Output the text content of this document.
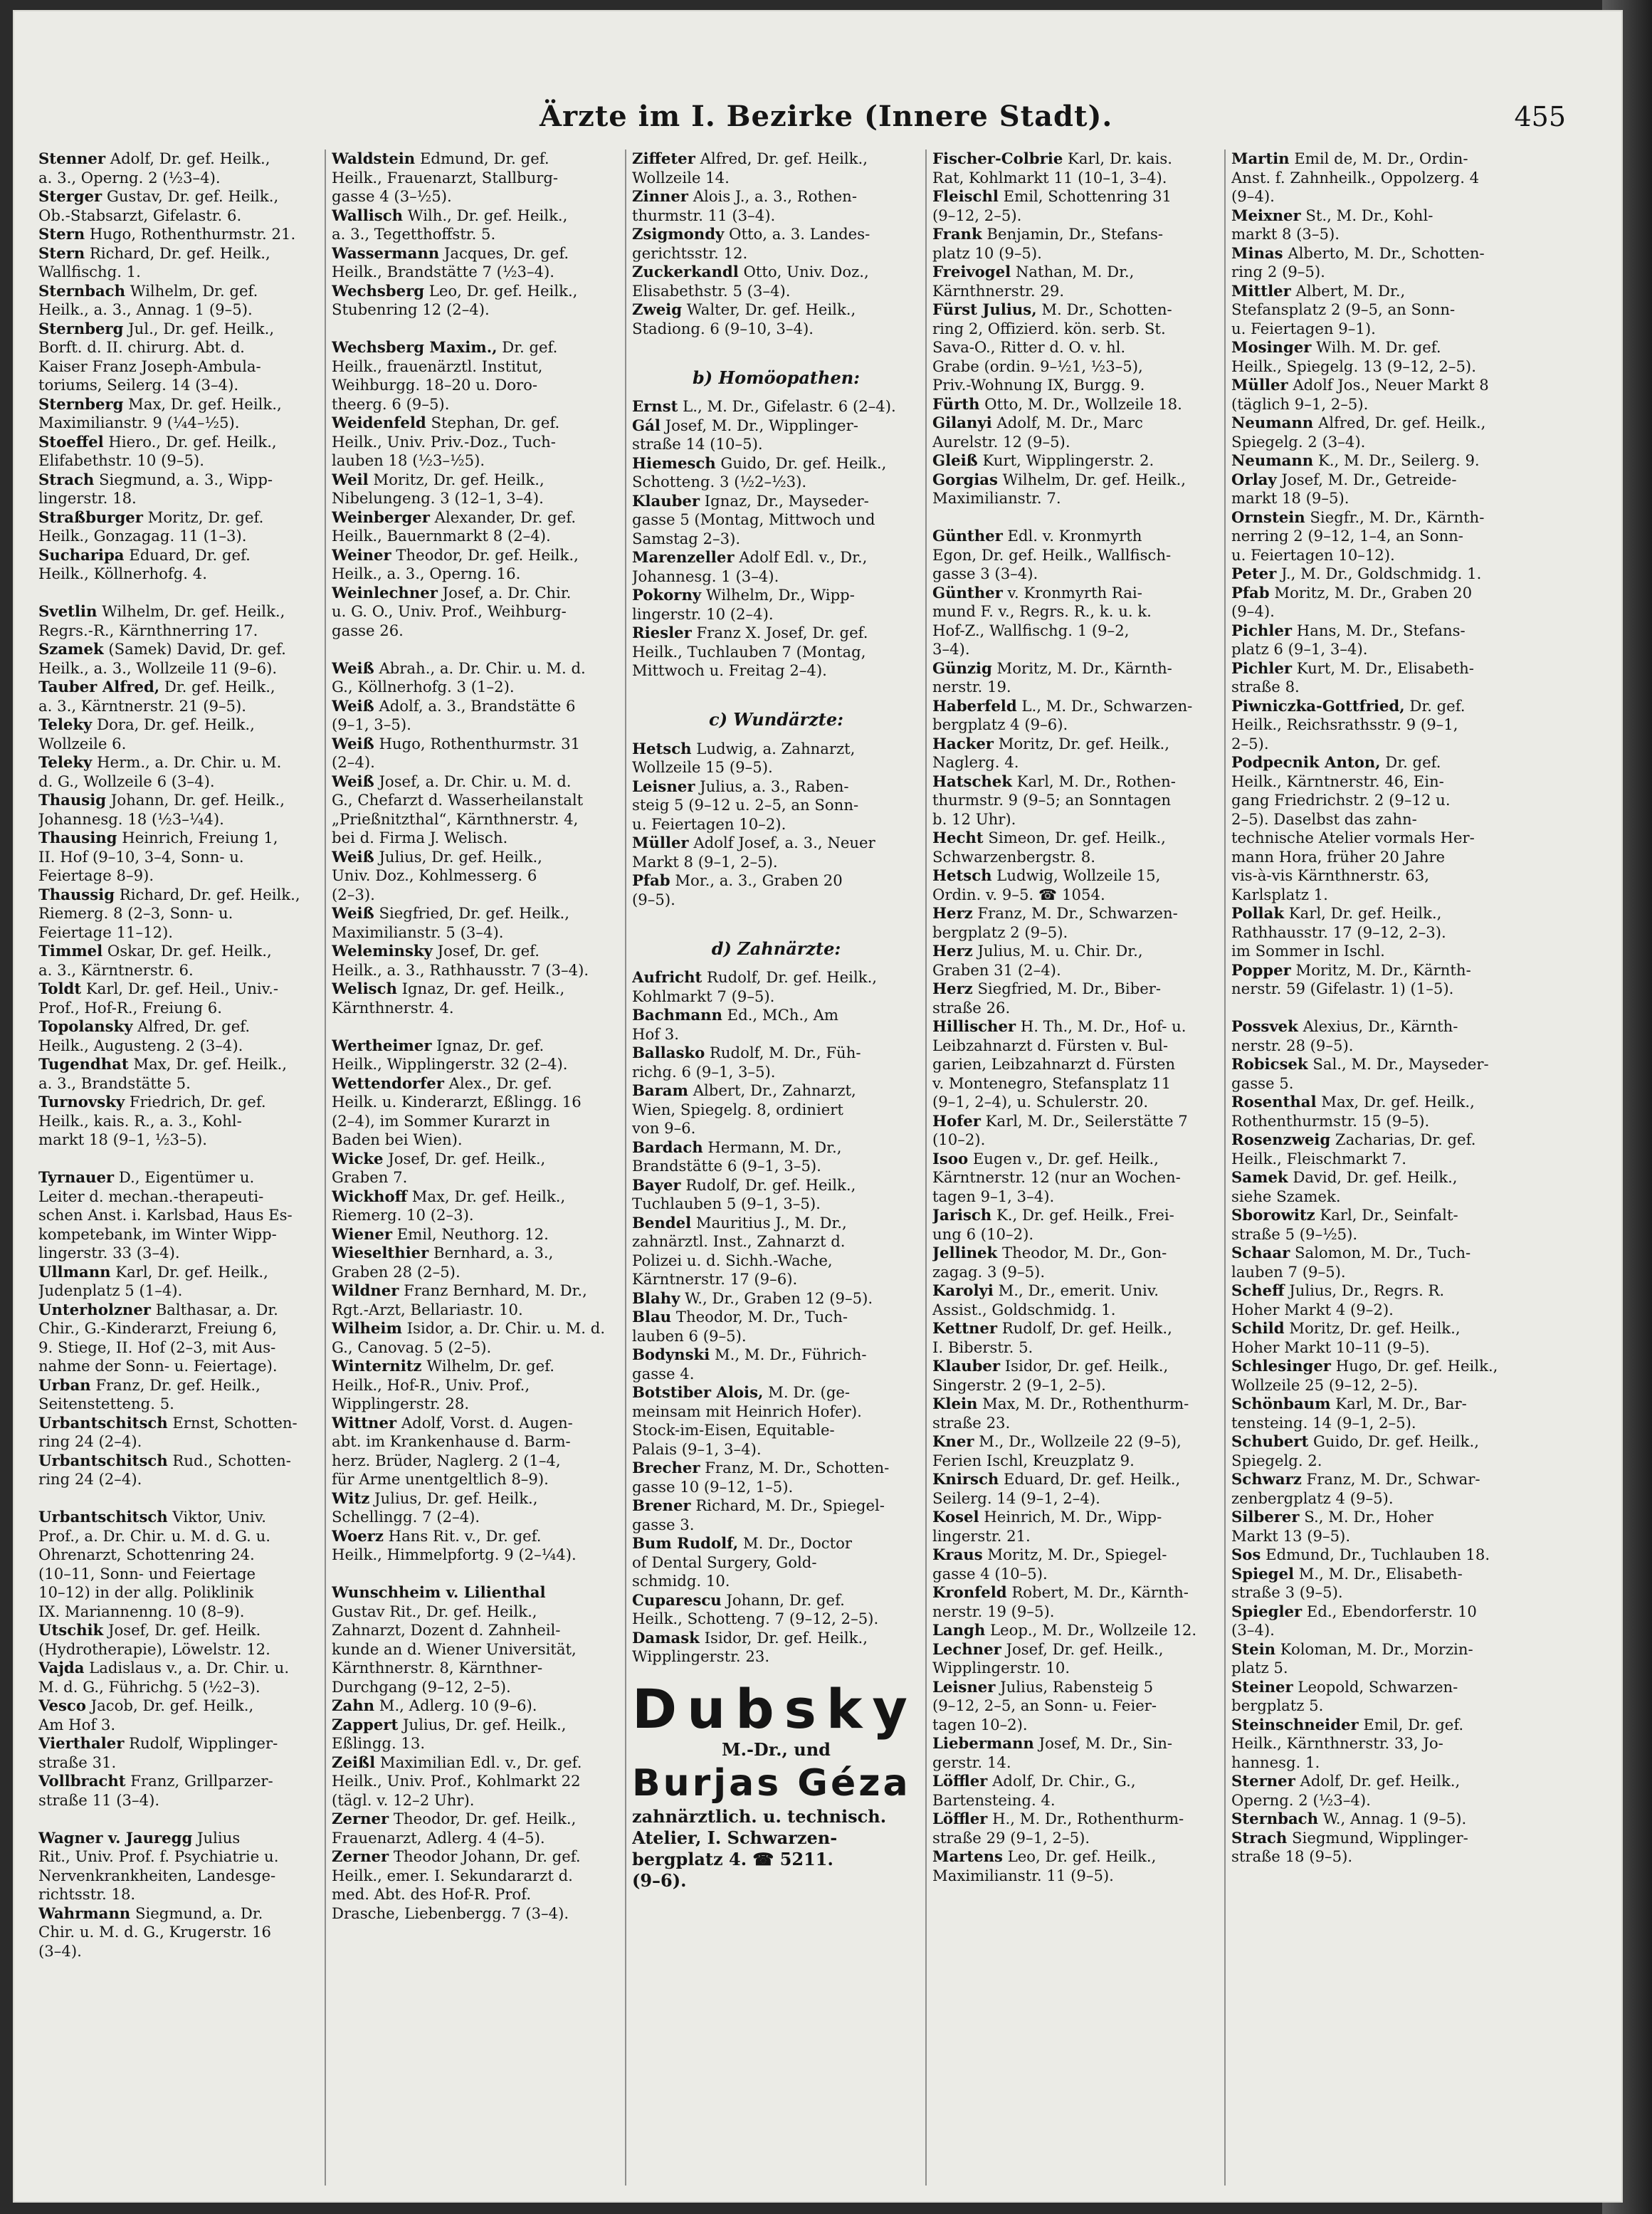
Ärzte im I. Bezirke (Innere Stadt).	455
Stenner Adolf, Dr. gef. Heilk.,
a. 3., Operng. 2 (½3–4).
Sterger Gustav, Dr. gef. Heilk.,
Ob.-Stabsarzt, Gifelastr. 6.
Stern Hugo, Rothenthurmstr. 21.
Stern Richard, Dr. gef. Heilk.,
Wallfischg. 1.
Sternbach Wilhelm, Dr. gef.
Heilk., a. 3., Annag. 1 (9–5).
Sternberg Jul., Dr. gef. Heilk.,
Borft. d. II. chirurg. Abt. d.
Kaiser Franz Joseph-Ambula-
toriums, Seilerg. 14 (3–4).
Sternberg Max, Dr. gef. Heilk.,
Maximilianstr. 9 (¼4–½5).
Stoeffel Hiero., Dr. gef. Heilk.,
Elifabethstr. 10 (9–5).
Strach Siegmund, a. 3., Wipp-
lingerstr. 18.
Straßburger Moritz, Dr. gef.
Heilk., Gonzagag. 11 (1–3).
Sucharipa Eduard, Dr. gef.
Heilk., Köllnerhofg. 4.

Svetlin Wilhelm, Dr. gef. Heilk.,
Regrs.-R., Kärnthnerring 17.
Szamek (Samek) David, Dr. gef.
Heilk., a. 3., Wollzeile 11 (9–6).
Tauber Alfred, Dr. gef. Heilk.,
a. 3., Kärntnerstr. 21 (9–5).
Teleky Dora, Dr. gef. Heilk.,
Wollzeile 6.
Teleky Herm., a. Dr. Chir. u. M.
d. G., Wollzeile 6 (3–4).
Thausig Johann, Dr. gef. Heilk.,
Johannesg. 18 (½3–¼4).
Thausing Heinrich, Freiung 1,
II. Hof (9–10, 3–4, Sonn- u.
Feiertage 8–9).
Thaussig Richard, Dr. gef. Heilk.,
Riemerg. 8 (2–3, Sonn- u.
Feiertage 11–12).
Timmel Oskar, Dr. gef. Heilk.,
a. 3., Kärntnerstr. 6.
Toldt Karl, Dr. gef. Heil., Univ.-
Prof., Hof-R., Freiung 6.
Topolansky Alfred, Dr. gef.
Heilk., Augusteng. 2 (3–4).
Tugendhat Max, Dr. gef. Heilk.,
a. 3., Brandstätte 5.
Turnovsky Friedrich, Dr. gef.
Heilk., kais. R., a. 3., Kohl-
markt 18 (9–1, ½3–5).

Tyrnauer D., Eigentümer u.
Leiter d. mechan.-therapeuti-
schen Anst. i. Karlsbad, Haus Es-
kompetebank, im Winter Wipp-
lingerstr. 33 (3–4).
Ullmann Karl, Dr. gef. Heilk.,
Judenplatz 5 (1–4).
Unterholzner Balthasar, a. Dr.
Chir., G.-Kinderarzt, Freiung 6,
9. Stiege, II. Hof (2–3, mit Aus-
nahme der Sonn- u. Feiertage).
Urban Franz, Dr. gef. Heilk.,
Seitenstetteng. 5.
Urbantschitsch Ernst, Schotten-
ring 24 (2–4).
Urbantschitsch Rud., Schotten-
ring 24 (2–4).

Urbantschitsch Viktor, Univ.
Prof., a. Dr. Chir. u. M. d. G. u.
Ohrenarzt, Schottenring 24.
(10–11, Sonn- und Feiertage
10–12) in der allg. Poliklinik
IX. Mariannenng. 10 (8–9).
Utschik Josef, Dr. gef. Heilk.
(Hydrotherapie), Löwelstr. 12.
Vajda Ladislaus v., a. Dr. Chir. u.
M. d. G., Führichg. 5 (½2–3).
Vesco Jacob, Dr. gef. Heilk.,
Am Hof 3.
Vierthaler Rudolf, Wipplinger-
straße 31.
Vollbracht Franz, Grillparzer-
straße 11 (3–4).

Wagner v. Jauregg Julius
Rit., Univ. Prof. f. Psychiatrie u.
Nervenkrankheiten, Landesge-
richtsstr. 18.
Wahrmann Siegmund, a. Dr.
Chir. u. M. d. G., Krugerstr. 16
(3–4).
Waldstein Edmund, Dr. gef.
Heilk., Frauenarzt, Stallburg-
gasse 4 (3–½5).
Wallisch Wilh., Dr. gef. Heilk.,
a. 3., Tegetthoffstr. 5.
Wassermann Jacques, Dr. gef.
Heilk., Brandstätte 7 (½3–4).
Wechsberg Leo, Dr. gef. Heilk.,
Stubenring 12 (2–4).

Wechsberg Maxim., Dr. gef.
Heilk., frauenärztl. Institut,
Weihburgg. 18–20 u. Doro-
theerg. 6 (9–5).
Weidenfeld Stephan, Dr. gef.
Heilk., Univ. Priv.-Doz., Tuch-
lauben 18 (½3–½5).
Weil Moritz, Dr. gef. Heilk.,
Nibelungeng. 3 (12–1, 3–4).
Weinberger Alexander, Dr. gef.
Heilk., Bauernmarkt 8 (2–4).
Weiner Theodor, Dr. gef. Heilk.,
Heilk., a. 3., Operng. 16.
Weinlechner Josef, a. Dr. Chir.
u. G. O., Univ. Prof., Weihburg-
gasse 26.

Weiß Abrah., a. Dr. Chir. u. M. d.
G., Köllnerhofg. 3 (1–2).
Weiß Adolf, a. 3., Brandstätte 6
(9–1, 3–5).
Weiß Hugo, Rothenthurmstr. 31
(2–4).
Weiß Josef, a. Dr. Chir. u. M. d.
G., Chefarzt d. Wasserheilanstalt
„Prießnitzthal“, Kärnthnerstr. 4,
bei d. Firma J. Welisch.
Weiß Julius, Dr. gef. Heilk.,
Univ. Doz., Kohlmesserg. 6
(2–3).
Weiß Siegfried, Dr. gef. Heilk.,
Maximilianstr. 5 (3–4).
Weleminsky Josef, Dr. gef.
Heilk., a. 3., Rathhausstr. 7 (3–4).
Welisch Ignaz, Dr. gef. Heilk.,
Kärnthnerstr. 4.

Wertheimer Ignaz, Dr. gef.
Heilk., Wipplingerstr. 32 (2–4).
Wettendorfer Alex., Dr. gef.
Heilk. u. Kinderarzt, Eßlingg. 16
(2–4), im Sommer Kurarzt in
Baden bei Wien).
Wicke Josef, Dr. gef. Heilk.,
Graben 7.
Wickhoff Max, Dr. gef. Heilk.,
Riemerg. 10 (2–3).
Wiener Emil, Neuthorg. 12.
Wieselthier Bernhard, a. 3.,
Graben 28 (2–5).
Wildner Franz Bernhard, M. Dr.,
Rgt.-Arzt, Bellariastr. 10.
Wilheim Isidor, a. Dr. Chir. u. M. d.
G., Canovag. 5 (2–5).
Winternitz Wilhelm, Dr. gef.
Heilk., Hof-R., Univ. Prof.,
Wipplingerstr. 28.
Wittner Adolf, Vorst. d. Augen-
abt. im Krankenhause d. Barm-
herz. Brüder, Naglerg. 2 (1–4,
für Arme unentgeltlich 8–9).
Witz Julius, Dr. gef. Heilk.,
Schellingg. 7 (2–4).
Woerz Hans Rit. v., Dr. gef.
Heilk., Himmelpfortg. 9 (2–¼4).

Wunschheim v. Lilienthal
Gustav Rit., Dr. gef. Heilk.,
Zahnarzt, Dozent d. Zahnheil-
kunde an d. Wiener Universität,
Kärnthnerstr. 8, Kärnthner-
Durchgang (9–12, 2–5).
Zahn M., Adlerg. 10 (9–6).
Zappert Julius, Dr. gef. Heilk.,
Eßlingg. 13.
Zeißl Maximilian Edl. v., Dr. gef.
Heilk., Univ. Prof., Kohlmarkt 22
(tägl. v. 12–2 Uhr).
Zerner Theodor, Dr. gef. Heilk.,
Frauenarzt, Adlerg. 4 (4–5).
Zerner Theodor Johann, Dr. gef.
Heilk., emer. I. Sekundararzt d.
med. Abt. des Hof-R. Prof.
Drasche, Liebenbergg. 7 (3–4).
Ziffeter Alfred, Dr. gef. Heilk.,
Wollzeile 14.
Zinner Alois J., a. 3., Rothen-
thurmstr. 11 (3–4).
Zsigmondy Otto, a. 3. Landes-
gerichtsstr. 12.
Zuckerkandl Otto, Univ. Doz.,
Elisabethstr. 5 (3–4).
Zweig Walter, Dr. gef. Heilk.,
Stadiong. 6 (9–10, 3–4).

b) Homöopathen:
Ernst L., M. Dr., Gifelastr. 6 (2–4).
Gál Josef, M. Dr., Wipplinger-
straße 14 (10–5).
Hiemesch Guido, Dr. gef. Heilk.,
Schotteng. 3 (½2–½3).
Klauber Ignaz, Dr., Mayseder-
gasse 5 (Montag, Mittwoch und
Samstag 2–3).
Marenzeller Adolf Edl. v., Dr.,
Johannesg. 1 (3–4).
Pokorny Wilhelm, Dr., Wipp-
lingerstr. 10 (2–4).
Riesler Franz X. Josef, Dr. gef.
Heilk., Tuchlauben 7 (Montag,
Mittwoch u. Freitag 2–4).

c) Wundärzte:
Hetsch Ludwig, a. Zahnarzt,
Wollzeile 15 (9–5).
Leisner Julius, a. 3., Raben-
steig 5 (9–12 u. 2–5, an Sonn-
u. Feiertagen 10–2).
Müller Adolf Josef, a. 3., Neuer
Markt 8 (9–1, 2–5).
Pfab Mor., a. 3., Graben 20
(9–5).

d) Zahnärzte:
Aufricht Rudolf, Dr. gef. Heilk.,
Kohlmarkt 7 (9–5).
Bachmann Ed., MCh., Am
Hof 3.
Ballasko Rudolf, M. Dr., Füh-
richg. 6 (9–1, 3–5).
Baram Albert, Dr., Zahnarzt,
Wien, Spiegelg. 8, ordiniert
von 9–6.
Bardach Hermann, M. Dr.,
Brandstätte 6 (9–1, 3–5).
Bayer Rudolf, Dr. gef. Heilk.,
Tuchlauben 5 (9–1, 3–5).
Bendel Mauritius J., M. Dr.,
zahnärztl. Inst., Zahnarzt d.
Polizei u. d. Sichh.-Wache,
Kärntnerstr. 17 (9–6).
Blahy W., Dr., Graben 12 (9–5).
Blau Theodor, M. Dr., Tuch-
lauben 6 (9–5).
Bodynski M., M. Dr., Führich-
gasse 4.
Botstiber Alois, M. Dr. (ge-
meinsam mit Heinrich Hofer).
Stock-im-Eisen, Equitable-
Palais (9–1, 3–4).
Brecher Franz, M. Dr., Schotten-
gasse 10 (9–12, 1–5).
Brener Richard, M. Dr., Spiegel-
gasse 3.
Bum Rudolf, M. Dr., Doctor
of Dental Surgery, Gold-
schmidg. 10.
Cuparescu Johann, Dr. gef.
Heilk., Schotteng. 7 (9–12, 2–5).
Damask Isidor, Dr. gef. Heilk.,
Wipplingerstr. 23.
Dubsky
M.-Dr., und
Burjas Géza
zahnärztlich. u. technisch.
Atelier, I. Schwarzen-
bergplatz 4. ☎ 5211.
(9–6).
Fischer-Colbrie Karl, Dr. kais.
Rat, Kohlmarkt 11 (10–1, 3–4).
Fleischl Emil, Schottenring 31
(9–12, 2–5).
Frank Benjamin, Dr., Stefans-
platz 10 (9–5).
Freivogel Nathan, M. Dr.,
Kärnthnerstr. 29.
Fürst Julius, M. Dr., Schotten-
ring 2, Offizierd. kön. serb. St.
Sava-O., Ritter d. O. v. hl.
Grabe (ordin. 9–½1, ½3–5),
Priv.-Wohnung IX, Burgg. 9.
Fürth Otto, M. Dr., Wollzeile 18.
Gilanyi Adolf, M. Dr., Marc
Aurelstr. 12 (9–5).
Gleiß Kurt, Wipplingerstr. 2.
Gorgias Wilhelm, Dr. gef. Heilk.,
Maximilianstr. 7.

Günther Edl. v. Kronmyrth
Egon, Dr. gef. Heilk., Wallfisch-
gasse 3 (3–4).
Günther v. Kronmyrth Rai-
mund F. v., Regrs. R., k. u. k.
Hof-Z., Wallfischg. 1 (9–2,
3–4).
Günzig Moritz, M. Dr., Kärnth-
nerstr. 19.
Haberfeld L., M. Dr., Schwarzen-
bergplatz 4 (9–6).
Hacker Moritz, Dr. gef. Heilk.,
Naglerg. 4.
Hatschek Karl, M. Dr., Rothen-
thurmstr. 9 (9–5; an Sonntagen
b. 12 Uhr).
Hecht Simeon, Dr. gef. Heilk.,
Schwarzenbergstr. 8.
Hetsch Ludwig, Wollzeile 15,
Ordin. v. 9–5. ☎ 1054.
Herz Franz, M. Dr., Schwarzen-
bergplatz 2 (9–5).
Herz Julius, M. u. Chir. Dr.,
Graben 31 (2–4).
Herz Siegfried, M. Dr., Biber-
straße 26.
Hillischer H. Th., M. Dr., Hof- u.
Leibzahnarzt d. Fürsten v. Bul-
garien, Leibzahnarzt d. Fürsten
v. Montenegro, Stefansplatz 11
(9–1, 2–4), u. Schulerstr. 20.
Hofer Karl, M. Dr., Seilerstätte 7
(10–2).
Isoo Eugen v., Dr. gef. Heilk.,
Kärntnerstr. 12 (nur an Wochen-
tagen 9–1, 3–4).
Jarisch K., Dr. gef. Heilk., Frei-
ung 6 (10–2).
Jellinek Theodor, M. Dr., Gon-
zagag. 3 (9–5).
Karolyi M., Dr., emerit. Univ.
Assist., Goldschmidg. 1.
Kettner Rudolf, Dr. gef. Heilk.,
I. Biberstr. 5.
Klauber Isidor, Dr. gef. Heilk.,
Singerstr. 2 (9–1, 2–5).
Klein Max, M. Dr., Rothenthurm-
straße 23.
Kner M., Dr., Wollzeile 22 (9–5),
Ferien Ischl, Kreuzplatz 9.
Knirsch Eduard, Dr. gef. Heilk.,
Seilerg. 14 (9–1, 2–4).
Kosel Heinrich, M. Dr., Wipp-
lingerstr. 21.
Kraus Moritz, M. Dr., Spiegel-
gasse 4 (10–5).
Kronfeld Robert, M. Dr., Kärnth-
nerstr. 19 (9–5).
Langh Leop., M. Dr., Wollzeile 12.
Lechner Josef, Dr. gef. Heilk.,
Wipplingerstr. 10.
Leisner Julius, Rabensteig 5
(9–12, 2–5, an Sonn- u. Feier-
tagen 10–2).
Liebermann Josef, M. Dr., Sin-
gerstr. 14.
Löffler Adolf, Dr. Chir., G.,
Bartensteing. 4.
Löffler H., M. Dr., Rothenthurm-
straße 29 (9–1, 2–5).
Martens Leo, Dr. gef. Heilk.,
Maximilianstr. 11 (9–5).
Martin Emil de, M. Dr., Ordin-
Anst. f. Zahnheilk., Oppolzerg. 4
(9–4).
Meixner St., M. Dr., Kohl-
markt 8 (3–5).
Minas Alberto, M. Dr., Schotten-
ring 2 (9–5).
Mittler Albert, M. Dr.,
Stefansplatz 2 (9–5, an Sonn-
u. Feiertagen 9–1).
Mosinger Wilh. M. Dr. gef.
Heilk., Spiegelg. 13 (9–12, 2–5).
Müller Adolf Jos., Neuer Markt 8
(täglich 9–1, 2–5).
Neumann Alfred, Dr. gef. Heilk.,
Spiegelg. 2 (3–4).
Neumann K., M. Dr., Seilerg. 9.
Orlay Josef, M. Dr., Getreide-
markt 18 (9–5).
Ornstein Siegfr., M. Dr., Kärnth-
nerring 2 (9–12, 1–4, an Sonn-
u. Feiertagen 10–12).
Peter J., M. Dr., Goldschmidg. 1.
Pfab Moritz, M. Dr., Graben 20
(9–4).
Pichler Hans, M. Dr., Stefans-
platz 6 (9–1, 3–4).
Pichler Kurt, M. Dr., Elisabeth-
straße 8.
Piwniczka-Gottfried, Dr. gef.
Heilk., Reichsrathsstr. 9 (9–1,
2–5).
Podpecnik Anton, Dr. gef.
Heilk., Kärntnerstr. 46, Ein-
gang Friedrichstr. 2 (9–12 u.
2–5). Daselbst das zahn-
technische Atelier vormals Her-
mann Hora, früher 20 Jahre
vis-à-vis Kärnthnerstr. 63,
Karlsplatz 1.
Pollak Karl, Dr. gef. Heilk.,
Rathhausstr. 17 (9–12, 2–3).
im Sommer in Ischl.
Popper Moritz, M. Dr., Kärnth-
nerstr. 59 (Gifelastr. 1) (1–5).

Possvek Alexius, Dr., Kärnth-
nerstr. 28 (9–5).
Robicsek Sal., M. Dr., Mayseder-
gasse 5.
Rosenthal Max, Dr. gef. Heilk.,
Rothenthurmstr. 15 (9–5).
Rosenzweig Zacharias, Dr. gef.
Heilk., Fleischmarkt 7.
Samek David, Dr. gef. Heilk.,
siehe Szamek.
Sborowitz Karl, Dr., Seinfalt-
straße 5 (9–½5).
Schaar Salomon, M. Dr., Tuch-
lauben 7 (9–5).
Scheff Julius, Dr., Regrs. R.
Hoher Markt 4 (9–2).
Schild Moritz, Dr. gef. Heilk.,
Hoher Markt 10–11 (9–5).
Schlesinger Hugo, Dr. gef. Heilk.,
Wollzeile 25 (9–12, 2–5).
Schönbaum Karl, M. Dr., Bar-
tensteing. 14 (9–1, 2–5).
Schubert Guido, Dr. gef. Heilk.,
Spiegelg. 2.
Schwarz Franz, M. Dr., Schwar-
zenbergplatz 4 (9–5).
Silberer S., M. Dr., Hoher
Markt 13 (9–5).
Sos Edmund, Dr., Tuchlauben 18.
Spiegel M., M. Dr., Elisabeth-
straße 3 (9–5).
Spiegler Ed., Ebendorferstr. 10
(3–4).
Stein Koloman, M. Dr., Morzin-
platz 5.
Steiner Leopold, Schwarzen-
bergplatz 5.
Steinschneider Emil, Dr. gef.
Heilk., Kärnthnerstr. 33, Jo-
hannesg. 1.
Sterner Adolf, Dr. gef. Heilk.,
Operng. 2 (½3–4).
Sternbach W., Annag. 1 (9–5).
Strach Siegmund, Wipplinger-
straße 18 (9–5).
